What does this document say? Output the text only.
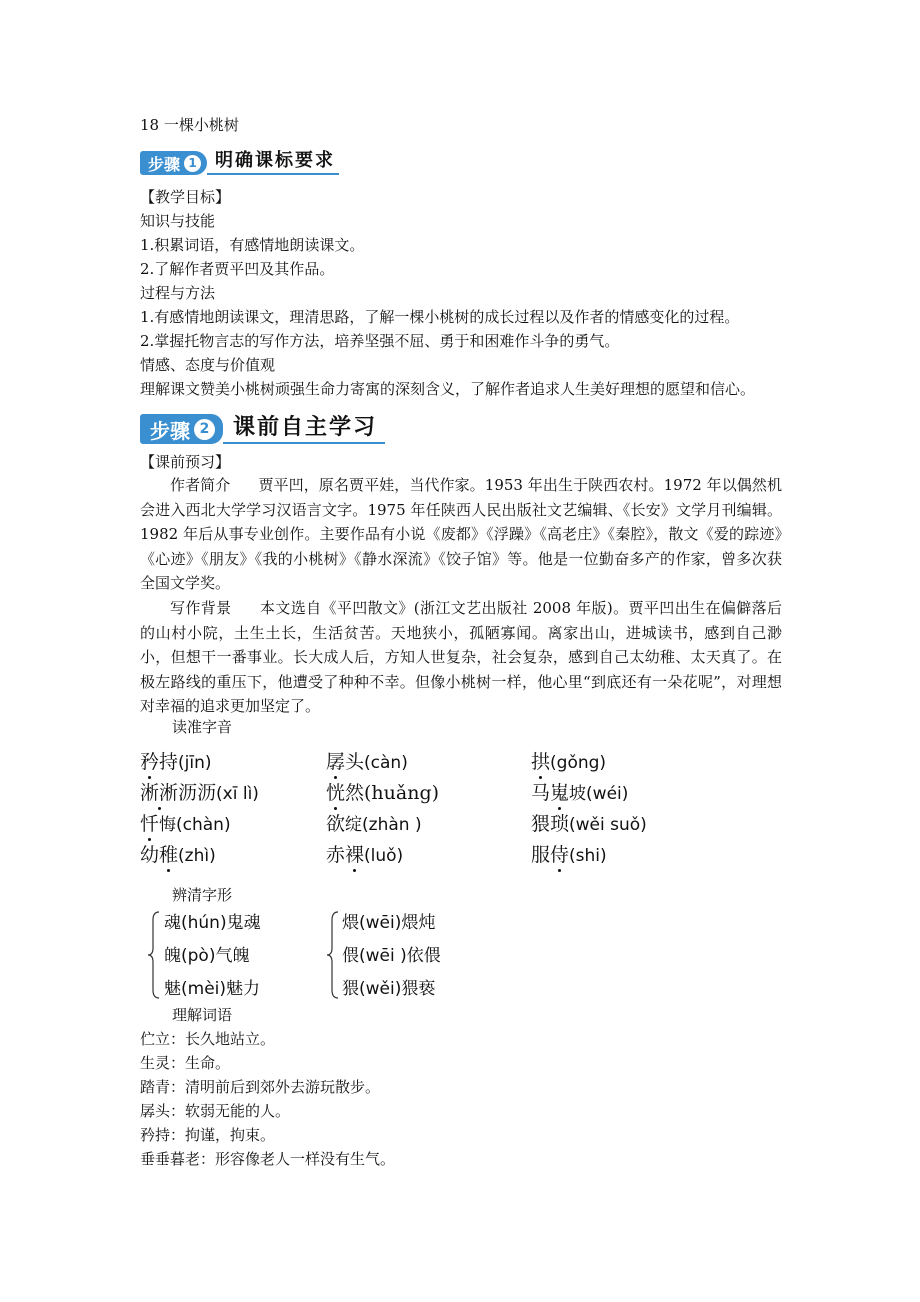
18 一棵小桃树
步骤 1	明确课标要求
【教学目标】
知识与技能
1.积累词语，有感情地朗读课文。
2.了解作者贾平凹及其作品。
过程与方法
1.有感情地朗读课文，理清思路，了解一棵小桃树的成长过程以及作者的情感变化的过程。
2.掌握托物言志的写作方法，培养坚强不屈、勇于和困难作斗争的勇气。
情感、态度与价值观
理解课文赞美小桃树顽强生命力寄寓的深刻含义，了解作者追求人生美好理想的愿望和信心。
步骤 2	课前自主学习
【课前预习】
作者简介 贾平凹，原名贾平娃，当代作家。1953 年出生于陕西农村。1972 年以偶然机会进入西北大学学习汉语言文字。1975 年任陕西人民出版社文艺编辑、《长安》文学月刊编辑。1982 年后从事专业创作。主要作品有小说《废都》《浮躁》《高老庄》《秦腔》，散文《爱的踪迹》《心迹》《朋友》《我的小桃树》《静水深流》《饺子馆》等。他是一位勤奋多产的作家，曾多次获全国文学奖。
写作背景 本文选自《平凹散文》(浙江文艺出版社 2008 年版)。贾平凹出生在偏僻落后的山村小院，土生土长，生活贫苦。天地狭小，孤陋寡闻。离家出山，进城读书，感到自己渺小，但想干一番事业。长大成人后，方知人世复杂，社会复杂，感到自己太幼稚、太天真了。在极左路线的重压下，他遭受了种种不幸。但像小桃树一样，他心里“到底还有一朵花呢”，对理想对幸福的追求更加坚定了。
读准字音
矜持(jīn)	孱头(càn)	拱(gǒng)
淅淅沥沥(xī lì)	恍然(huǎng)	马嵬坡(wéi)
忏悔(chàn)	欲绽(zhàn )	猥琐(wěi suǒ)
幼稚(zhì)	赤裸(luǒ)	服侍(shi)
辨清字形
魂(hún)鬼魂
魄(pò)气魄
魅(mèi)魅力
煨(wēi)煨炖
偎(wēi )依偎
猥(wěi)猥亵
理解词语
伫立：长久地站立。
生灵：生命。
踏青：清明前后到郊外去游玩散步。
孱头：软弱无能的人。
矜持：拘谨，拘束。
垂垂暮老：形容像老人一样没有生气。
